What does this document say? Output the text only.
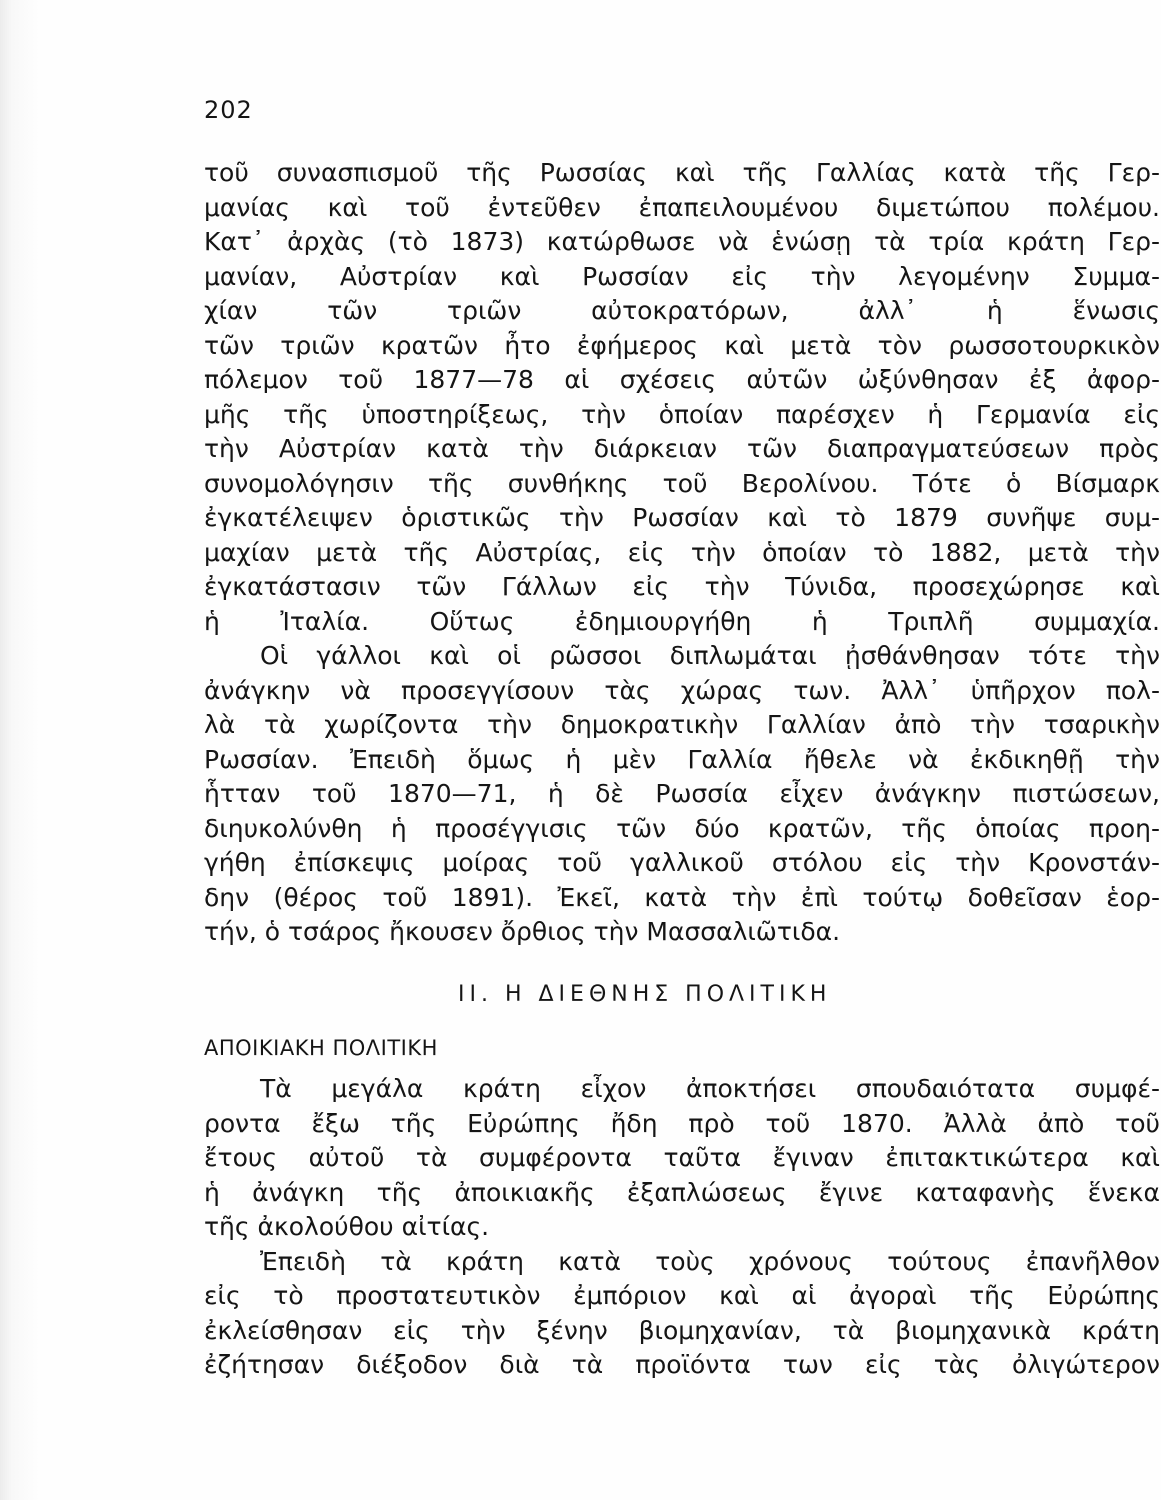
202
τοῦ συνασπισμοῦ τῆς Ρωσσίας καὶ τῆς Γαλλίας κατὰ τῆς Γερ-
μανίας καὶ τοῦ ἐντεῦθεν ἐπαπειλουμένου διμετώπου πολέμου.
Κατ᾽ ἀρχὰς (τὸ 1873) κατώρθωσε νὰ ἑνώσῃ τὰ τρία κράτη Γερ-
μανίαν, Αὐστρίαν καὶ Ρωσσίαν εἰς τὴν λεγομένην Συμμα-
χίαν τῶν τριῶν αὐτοκρατόρων, ἀλλ᾽ ἡ ἕνωσις
τῶν τριῶν κρατῶν ἦτο ἐφήμερος καὶ μετὰ τὸν ρωσσοτουρκικὸν
πόλεμον τοῦ 1877—78 αἱ σχέσεις αὐτῶν ὠξύνθησαν ἐξ ἀφορ-
μῆς τῆς ὑποστηρίξεως, τὴν ὁποίαν παρέσχεν ἡ Γερμανία εἰς
τὴν Αὐστρίαν κατὰ τὴν διάρκειαν τῶν διαπραγματεύσεων πρὸς
συνομολόγησιν τῆς συνθήκης τοῦ Βερολίνου. Τότε ὁ Βίσμαρκ
ἐγκατέλειψεν ὁριστικῶς τὴν Ρωσσίαν καὶ τὸ 1879 συνῆψε συμ-
μαχίαν μετὰ τῆς Αὐστρίας, εἰς τὴν ὁποίαν τὸ 1882, μετὰ τὴν
ἐγκατάστασιν τῶν Γάλλων εἰς τὴν Τύνιδα, προσεχώρησε καὶ
ἡ Ἰταλία. Οὕτως ἐδημιουργήθη ἡ Τριπλῆ συμμαχία.
Οἱ γάλλοι καὶ οἱ ρῶσσοι διπλωμάται ᾐσθάνθησαν τότε τὴν
ἀνάγκην νὰ προσεγγίσουν τὰς χώρας των. Ἀλλ᾽ ὑπῆρχον πολ-
λὰ τὰ χωρίζοντα τὴν δημοκρατικὴν Γαλλίαν ἀπὸ τὴν τσαρικὴν
Ρωσσίαν. Ἐπειδὴ ὅμως ἡ μὲν Γαλλία ἤθελε νὰ ἐκδικηθῇ τὴν
ἧτταν τοῦ 1870—71, ἡ δὲ Ρωσσία εἶχεν ἀνάγκην πιστώσεων,
διηυκολύνθη ἡ προσέγγισις τῶν δύο κρατῶν, τῆς ὁποίας προη-
γήθη ἐπίσκεψις μοίρας τοῦ γαλλικοῦ στόλου εἰς τὴν Κρονστάν-
δην (θέρος τοῦ 1891). Ἐκεῖ, κατὰ τὴν ἐπὶ τούτῳ δοθεῖσαν ἑορ-
τήν, ὁ τσάρος ἤκουσεν ὄρθιος τὴν Μασσαλιῶτιδα.
II. Η ΔΙΕΘΝΗΣ ΠΟΛΙΤΙΚΗ
ΑΠΟΙΚΙΑΚΗ ΠΟΛΙΤΙΚΗ
Τὰ μεγάλα κράτη εἶχον ἀποκτήσει σπουδαιότατα συμφέ-
ροντα ἔξω τῆς Εὐρώπης ἤδη πρὸ τοῦ 1870. Ἀλλὰ ἀπὸ τοῦ
ἔτους αὐτοῦ τὰ συμφέροντα ταῦτα ἔγιναν ἐπιτακτικώτερα καὶ
ἡ ἀνάγκη τῆς ἀποικιακῆς ἐξαπλώσεως ἔγινε καταφανὴς ἕνεκα
τῆς ἀκολούθου αἰτίας.
Ἐπειδὴ τὰ κράτη κατὰ τοὺς χρόνους τούτους ἐπανῆλθον
εἰς τὸ προστατευτικὸν ἐμπόριον καὶ αἱ ἀγοραὶ τῆς Εὐρώπης
ἐκλείσθησαν εἰς τὴν ξένην βιομηχανίαν, τὰ βιομηχανικὰ κράτη
ἐζήτησαν διέξοδον διὰ τὰ προϊόντα των εἰς τὰς ὀλιγώτερον
